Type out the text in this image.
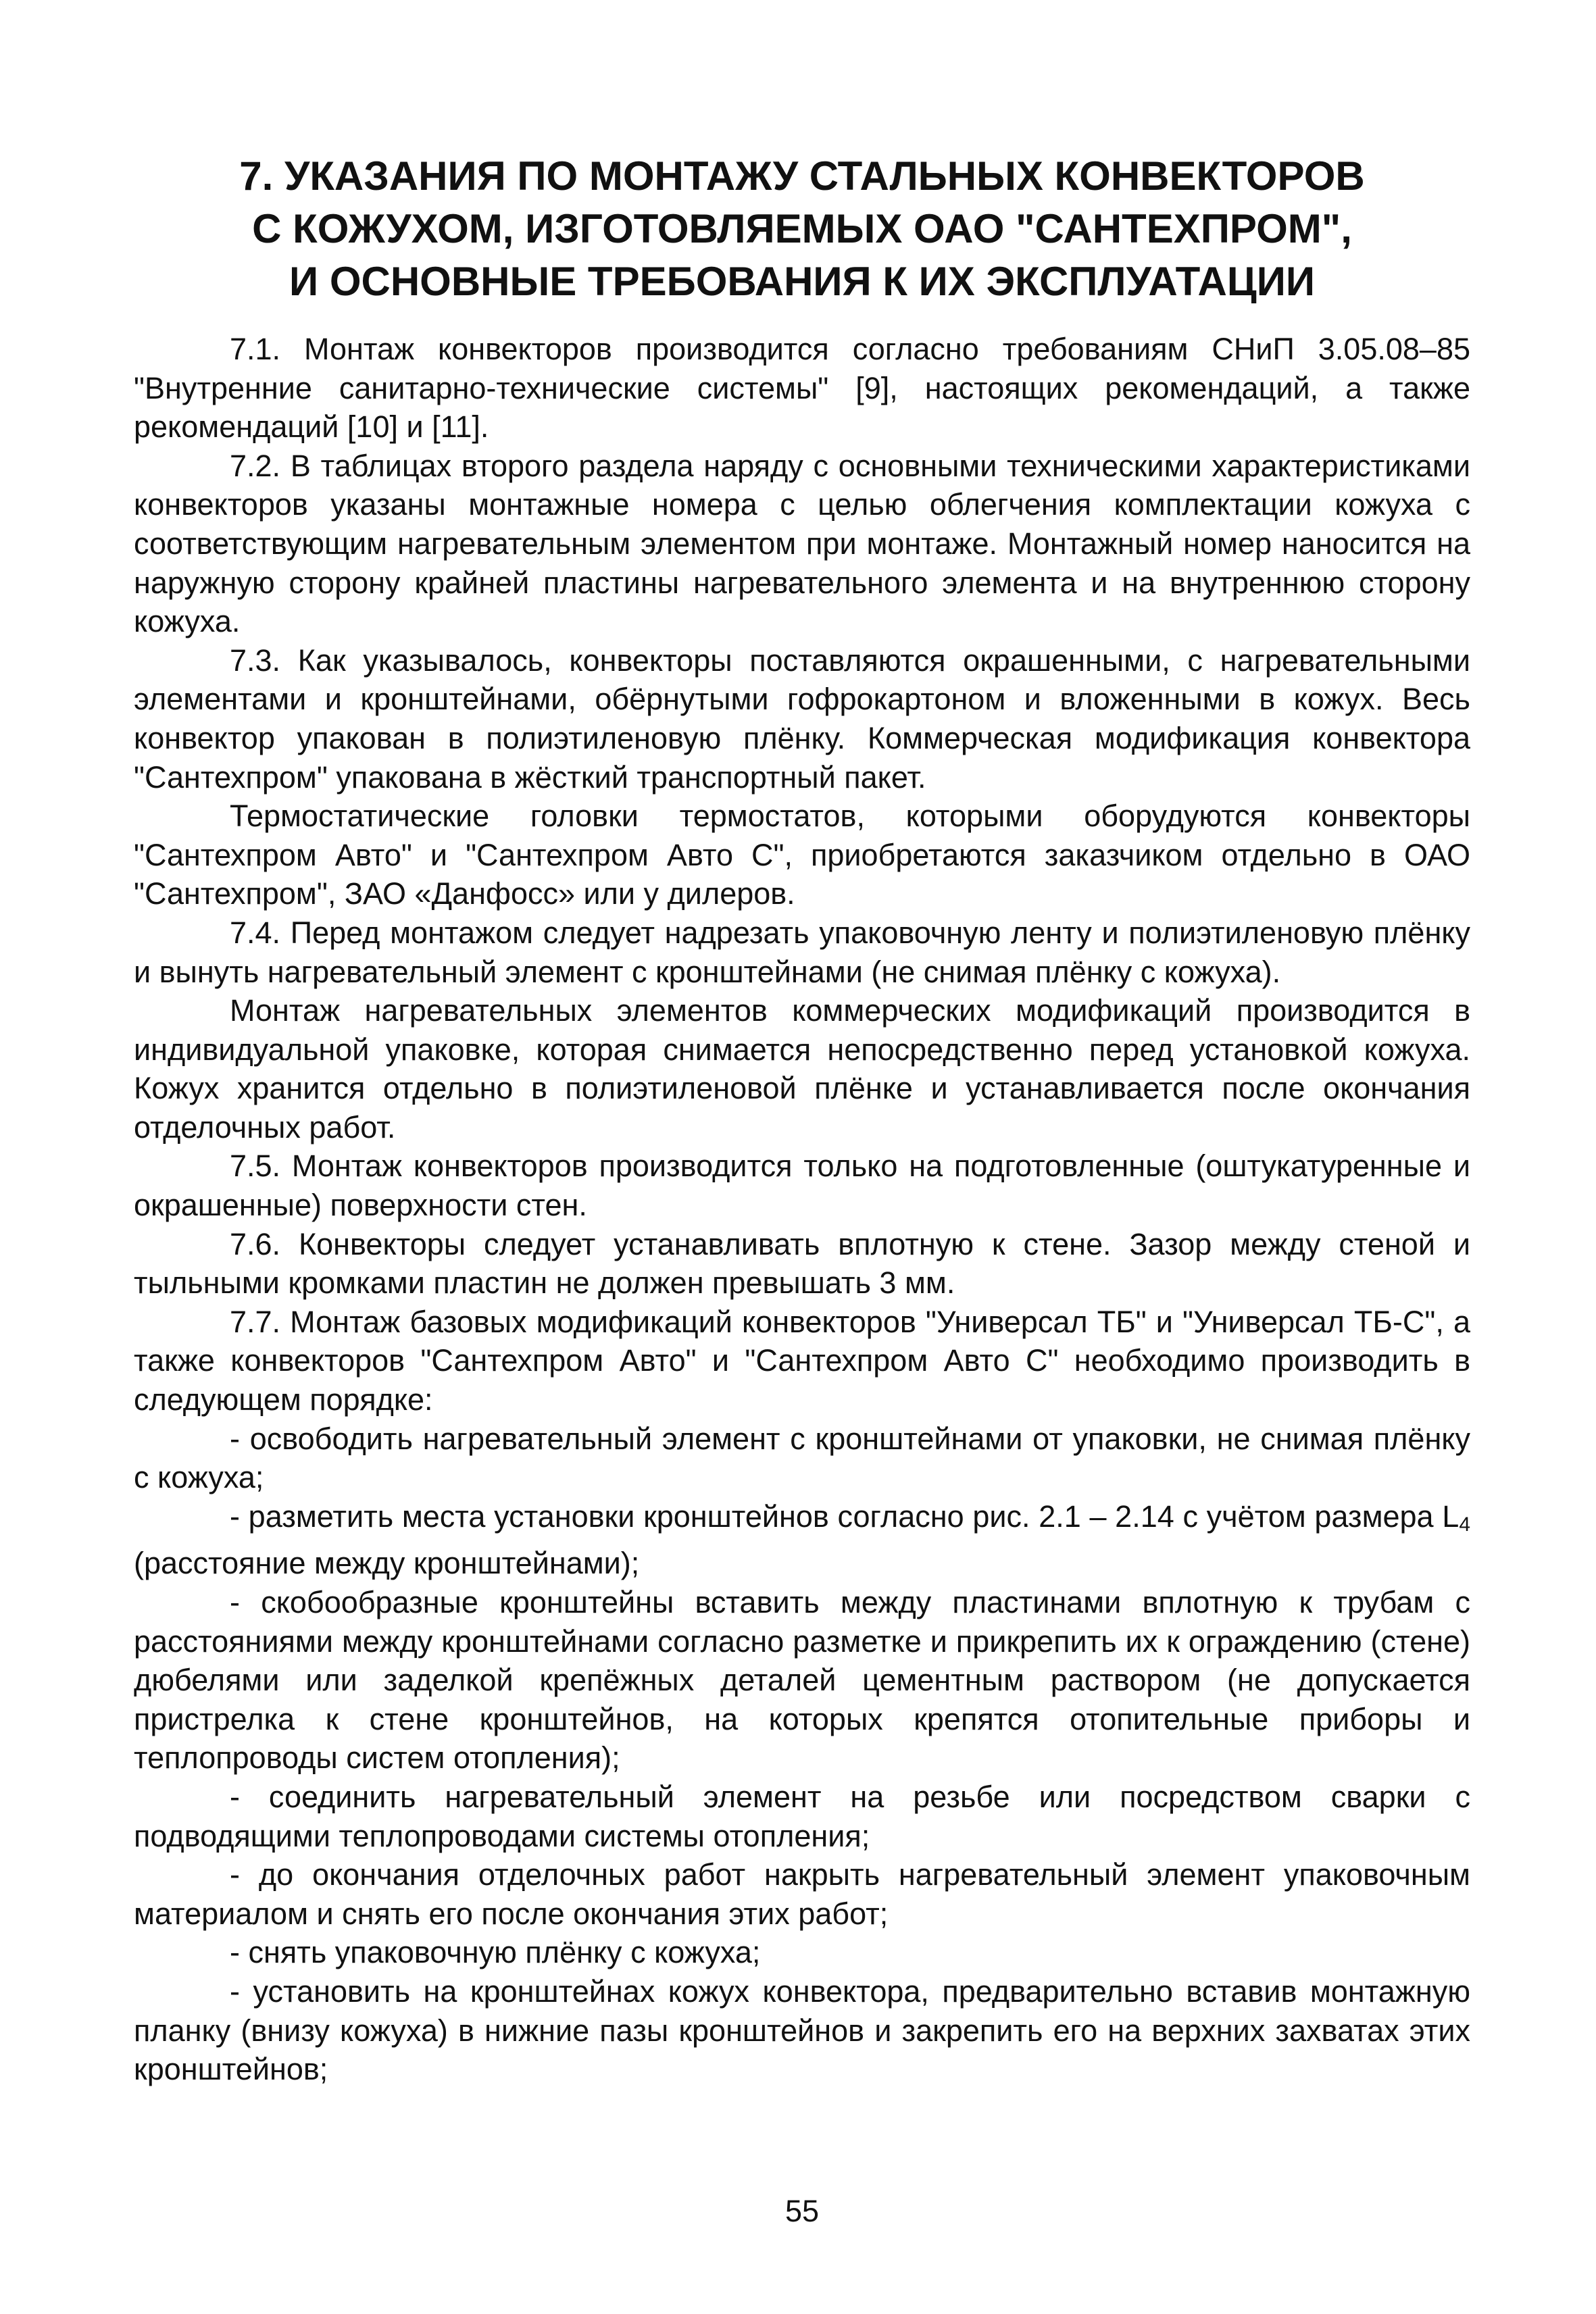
7. УКАЗАНИЯ ПО МОНТАЖУ СТАЛЬНЫХ КОНВЕКТОРОВ
С КОЖУХОМ, ИЗГОТОВЛЯЕМЫХ ОАО "САНТЕХПРОМ",
И ОСНОВНЫЕ ТРЕБОВАНИЯ К ИХ ЭКСПЛУАТАЦИИ

7.1. Монтаж конвекторов производится согласно требованиям СНиП 3.05.08–85 "Внутренние санитарно-технические системы" [9], настоящих рекомендаций, а также рекомендаций [10] и [11].

7.2. В таблицах второго раздела наряду с основными техническими характеристиками конвекторов указаны монтажные номера с целью облегчения комплектации кожуха с соответствующим нагревательным элементом при монтаже. Монтажный номер наносится на наружную сторону крайней пластины нагревательного элемента и на внутреннюю сторону кожуха.

7.3. Как указывалось, конвекторы поставляются окрашенными, с нагревательными элементами и кронштейнами, обёрнутыми гофрокартоном и вложенными в кожух. Весь конвектор упакован в полиэтиленовую плёнку. Коммерческая модификация конвектора "Сантехпром" упакована в жёсткий транспортный пакет.

Термостатические головки термостатов, которыми оборудуются конвекторы "Сантехпром Авто" и "Сантехпром Авто С", приобретаются заказчиком отдельно в ОАО "Сантехпром", ЗАО «Данфосс» или у дилеров.

7.4. Перед монтажом следует надрезать упаковочную ленту и полиэтиленовую плёнку и вынуть нагревательный элемент с кронштейнами (не снимая плёнку с кожуха).

Монтаж нагревательных элементов коммерческих модификаций производится в индивидуальной упаковке, которая снимается непосредственно перед установкой кожуха. Кожух хранится отдельно в полиэтиленовой плёнке и устанавливается после окончания отделочных работ.

7.5. Монтаж конвекторов производится только на подготовленные (оштукатуренные и окрашенные) поверхности стен.

7.6. Конвекторы следует устанавливать вплотную к стене. Зазор между стеной и тыльными кромками пластин не должен превышать 3 мм.

7.7. Монтаж базовых модификаций конвекторов "Универсал ТБ" и "Универсал ТБ-С", а также конвекторов "Сантехпром Авто" и "Сантехпром Авто С" необходимо производить в следующем порядке:

- освободить нагревательный элемент с кронштейнами от упаковки, не снимая плёнку с кожуха;

- разметить места установки кронштейнов согласно рис. 2.1 – 2.14 с учётом размера $L_4$ (расстояние между кронштейнами);

- скобообразные кронштейны вставить между пластинами вплотную к трубам с расстояниями между кронштейнами согласно разметке и прикрепить их к ограждению (стене) дюбелями или заделкой крепёжных деталей цементным раствором (не допускается пристрелка к стене кронштейнов, на которых крепятся отопительные приборы и теплопроводы систем отопления);

- соединить нагревательный элемент на резьбе или посредством сварки с подводящими теплопроводами системы отопления;

- до окончания отделочных работ накрыть нагревательный элемент упаковочным материалом и снять его после окончания этих работ;

- снять упаковочную плёнку с кожуха;

- установить на кронштейнах кожух конвектора, предварительно вставив монтажную планку (внизу кожуха) в нижние пазы кронштейнов и закрепить его на верхних захватах этих кронштейнов;

55
